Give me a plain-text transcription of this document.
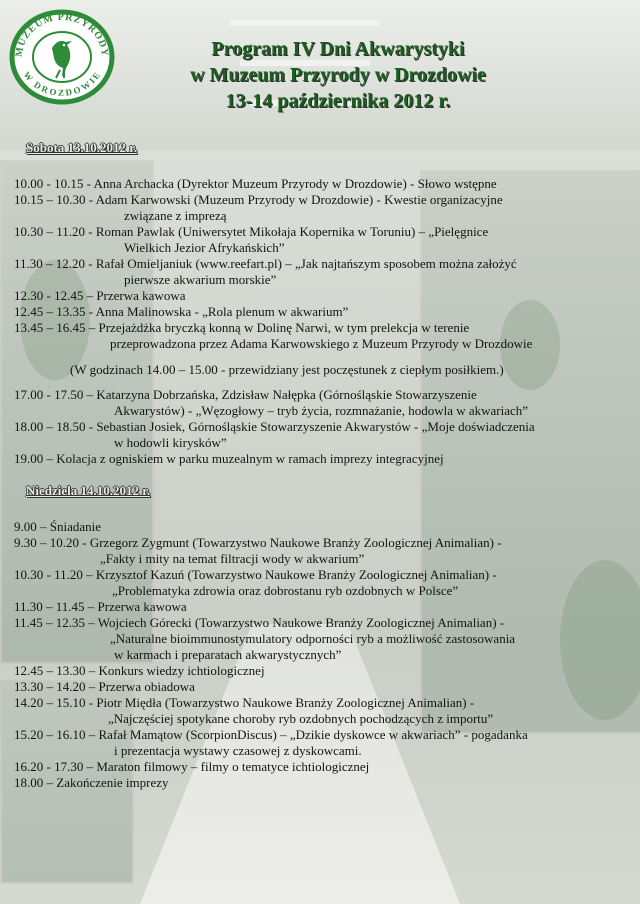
MUZEUM PRZYRODY
W DROZDOWIE
Program IV Dni Akwarystyki
w Muzeum Przyrody w Drozdowie
13-14 października 2012 r.
Sobota 13.10.2012 r.
10.00 - 10.15 - Anna Archacka (Dyrektor Muzeum Przyrody w Drozdowie) - Słowo wstępne
10.15 – 10.30 - Adam Karwowski (Muzeum Przyrody w Drozdowie) - Kwestie organizacyjne
związane z imprezą
10.30 – 11.20 - Roman Pawlak (Uniwersytet Mikołaja Kopernika w Toruniu) – „Pielęgnice
Wielkich Jezior Afrykańskich”
11.30 – 12.20 - Rafał Omieljaniuk (www.reefart.pl) – „Jak najtańszym sposobem można założyć
pierwsze akwarium morskie”
12.30 - 12.45 – Przerwa kawowa
12.45 – 13.35 - Anna Malinowska - „Rola plenum w akwarium”
13.45 – 16.45 – Przejażdżka bryczką konną w Dolinę Narwi, w tym prelekcja w terenie
przeprowadzona przez Adama Karwowskiego z Muzeum Przyrody w Drozdowie
(W godzinach 14.00 – 15.00 - przewidziany jest poczęstunek z ciepłym posiłkiem.)
17.00 - 17.50 – Katarzyna Dobrzańska, Zdzisław Nałępka (Górnośląskie Stowarzyszenie
Akwarystów) - „Węzogłowy – tryb życia, rozmnażanie, hodowla w akwariach”
18.00 – 18.50 - Sebastian Josiek, Górnośląskie Stowarzyszenie Akwarystów - „Moje doświadczenia
w hodowli kirysków”
19.00 – Kolacja z ogniskiem w parku muzealnym w ramach imprezy integracyjnej
Niedziela 14.10.2012 r.
9.00 – Śniadanie
9.30 – 10.20 - Grzegorz Zygmunt (Towarzystwo Naukowe Branży Zoologicznej Animalian) -
„Fakty i mity na temat filtracji wody w akwarium”
10.30 - 11.20 – Krzysztof Kazuń (Towarzystwo Naukowe Branży Zoologicznej Animalian) -
„Problematyka zdrowia oraz dobrostanu ryb ozdobnych w Polsce”
11.30 – 11.45 – Przerwa kawowa
11.45 – 12.35 – Wojciech Górecki (Towarzystwo Naukowe Branży Zoologicznej Animalian) -
„Naturalne bioimmunostymulatory odporności ryb a możliwość zastosowania
w karmach i preparatach akwarystycznych”
12.45 – 13.30 – Konkurs wiedzy ichtiologicznej
13.30 – 14.20 – Przerwa obiadowa
14.20 – 15.10 - Piotr Międła (Towarzystwo Naukowe Branży Zoologicznej Animalian) -
„Najczęściej spotykane choroby ryb ozdobnych pochodzących z importu”
15.20 – 16.10 – Rafał Mamątow (ScorpionDiscus) – „Dzikie dyskowce w akwariach” - pogadanka
i prezentacja wystawy czasowej z dyskowcami.
16.20 - 17.30 – Maraton filmowy – filmy o tematyce ichtiologicznej
18.00 – Zakończenie imprezy
